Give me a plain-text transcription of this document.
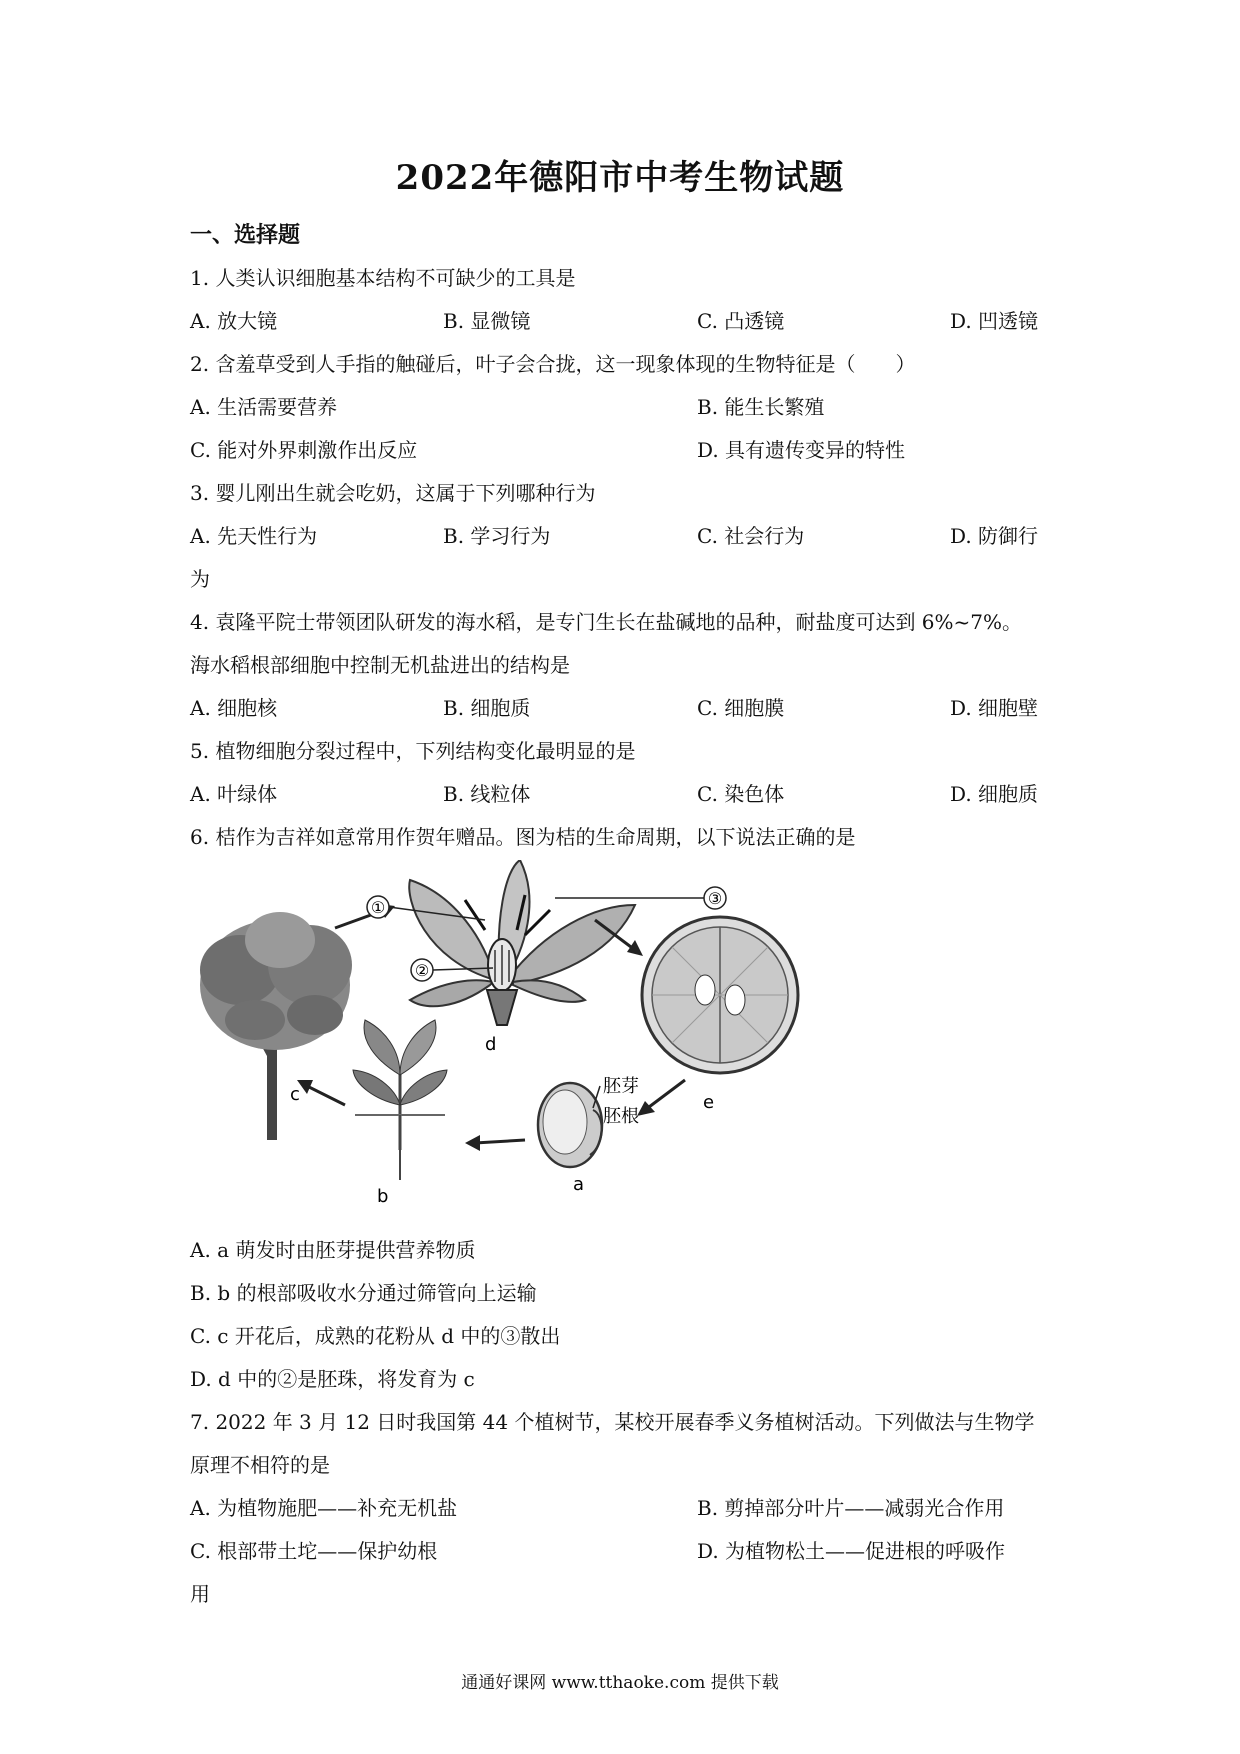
2022年德阳市中考生物试题
一、选择题
1. 人类认识细胞基本结构不可缺少的工具是
A. 放大镜	B. 显微镜	C. 凸透镜	D. 凹透镜
2. 含羞草受到人手指的触碰后，叶子会合拢，这一现象体现的生物特征是（　　）
A. 生活需要营养	B. 能生长繁殖
C. 能对外界刺激作出反应	D. 具有遗传变异的特性
3. 婴儿刚出生就会吃奶，这属于下列哪种行为
A. 先天性行为	B. 学习行为	C. 社会行为	D. 防御行
为
4. 袁隆平院士带领团队研发的海水稻，是专门生长在盐碱地的品种，耐盐度可达到 6%~7%。
海水稻根部细胞中控制无机盐进出的结构是
A. 细胞核	B. 细胞质	C. 细胞膜	D. 细胞壁
5. 植物细胞分裂过程中，下列结构变化最明显的是
A. 叶绿体	B. 线粒体	C. 染色体	D. 细胞质
6. 桔作为吉祥如意常用作贺年赠品。图为桔的生命周期，以下说法正确的是
c
①
②
③
d
e
胚芽
胚根
a
b
A. a 萌发时由胚芽提供营养物质
B. b 的根部吸收水分通过筛管向上运输
C. c 开花后，成熟的花粉从 d 中的③散出
D. d 中的②是胚珠，将发育为 c
7. 2022 年 3 月 12 日时我国第 44 个植树节，某校开展春季义务植树活动。下列做法与生物学
原理不相符的是
A. 为植物施肥——补充无机盐	B. 剪掉部分叶片——减弱光合作用
C. 根部带土坨——保护幼根	D. 为植物松土——促进根的呼吸作
用
通通好课网 www.tthaoke.com 提供下载
